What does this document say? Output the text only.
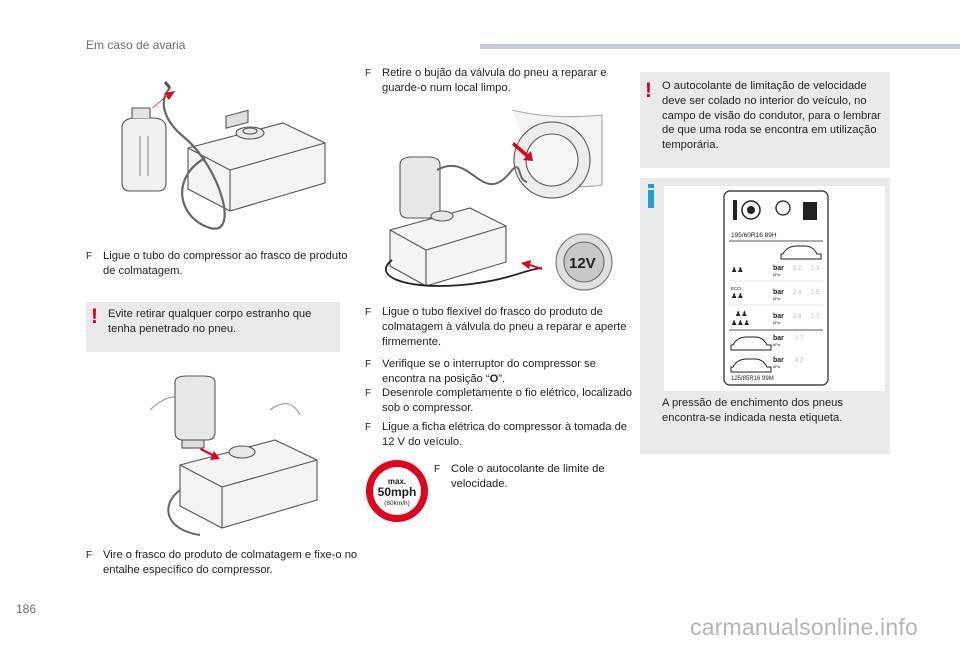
Em caso de avaria
F Ligue o tubo do compressor ao frasco de produto de colmatagem.
! Evite retirar qualquer corpo estranho que tenha penetrado no pneu.
F Vire o frasco do produto de colmatagem e fixe-o no entalhe específico do compressor.
F Retire o bujão da válvula do pneu a reparar e guarde-o num local limpo.
12V
F Ligue o tubo flexível do frasco do produto de colmatagem à válvula do pneu a reparar e aperte firmemente.
F Verifique se o interruptor do compressor se encontra na posição “O”.
F Desenrole completamente o fio elétrico, localizado sob o compressor.
F Ligue a ficha elétrica do compressor à tomada de 12 V do veículo.
max.
50mph
(80km/h)
F Cole o autocolante de limite de velocidade.
! O autocolante de limitação de velocidade deve ser colado no interior do veículo, no campo de visão do condutor, para o lembrar de que uma roda se encontra em utilização temporária.
195/60R16 89H
♟♟	bar
kPa
2.2 2.3
ECO
♟♟
bar
kPa
2.4 2.5
♟♟
♟♟♟
bar
kPa
2.6 2.7
bar
kPa
2.7
bar
kPa
4.2
125/85R16 99M
A pressão de enchimento dos pneus encontra-se indicada nesta etiqueta.
186
carmanualsonline.info
